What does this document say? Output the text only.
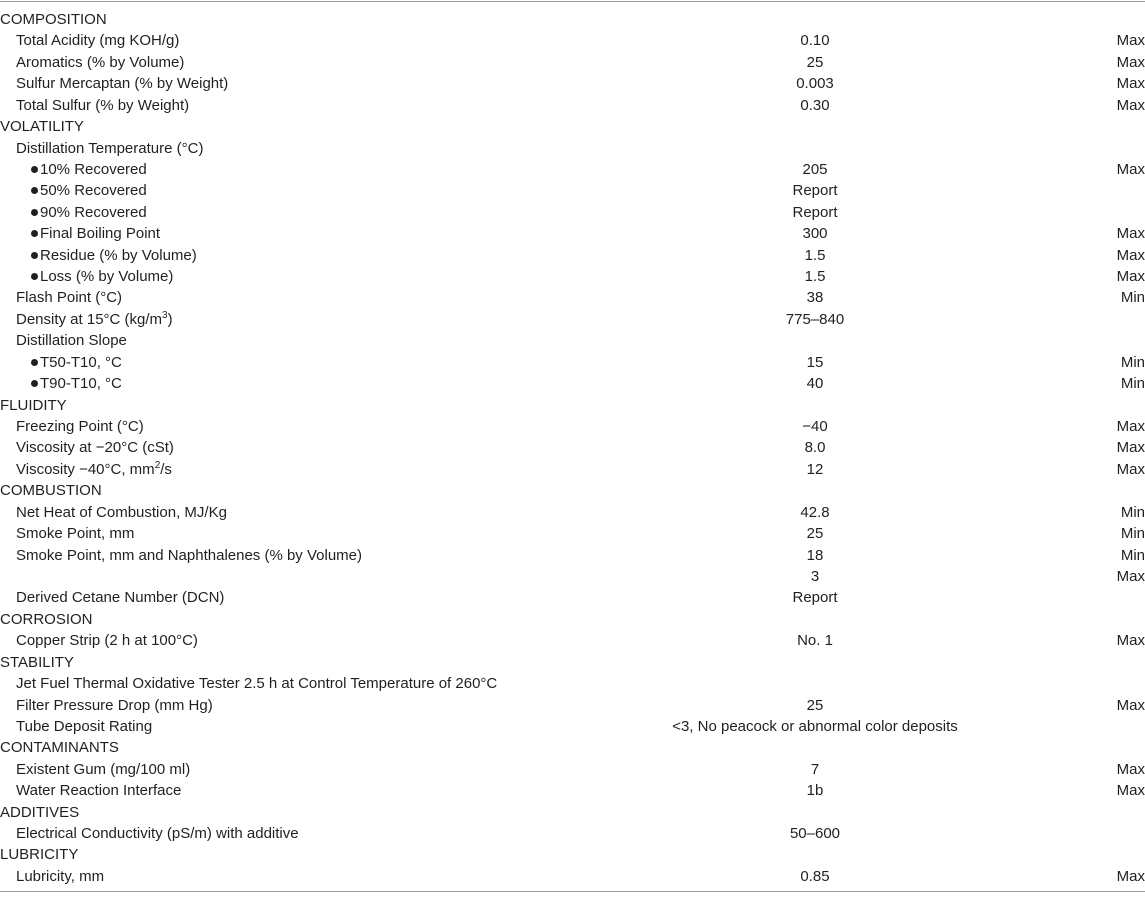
COMPOSITION		
Total Acidity (mg KOH/g)	0.10	Max
Aromatics (% by Volume)	25	Max
Sulfur Mercaptan (% by Weight)	0.003	Max
Total Sulfur (% by Weight)	0.30	Max
VOLATILITY		
Distillation Temperature (°C)		
10% Recovered	205	Max
50% Recovered	Report	
90% Recovered	Report	
Final Boiling Point	300	Max
Residue (% by Volume)	1.5	Max
Loss (% by Volume)	1.5	Max
Flash Point (°C)	38	Min
Density at 15°C $(kg/m^3)$	775–840	
Distillation Slope		
T50-T10, °C	15	Min
T90-T10, °C	40	Min
FLUIDITY		
Freezing Point (°C)	−40	Max
Viscosity at −20°C (cSt)	8.0	Max
Viscosity −40°C, $mm^2/s$	12	Max
COMBUSTION		
Net Heat of Combustion, MJ/Kg	42.8	Min
Smoke Point, mm	25	Min
Smoke Point, mm and Naphthalenes (% by Volume)	18	Min
	3	Max
Derived Cetane Number (DCN)	Report	
CORROSION		
Copper Strip (2 h at 100°C)	No. 1	Max
STABILITY		
Jet Fuel Thermal Oxidative Tester 2.5 h at Control Temperature of 260°C		
Filter Pressure Drop (mm Hg)	25	Max
Tube Deposit Rating	<3, No peacock or abnormal color deposits	
CONTAMINANTS		
Existent Gum (mg/100 ml)	7	Max
Water Reaction Interface	1b	Max
ADDITIVES		
Electrical Conductivity (pS/m) with additive	50–600	
LUBRICITY		
Lubricity, mm	0.85	Max
